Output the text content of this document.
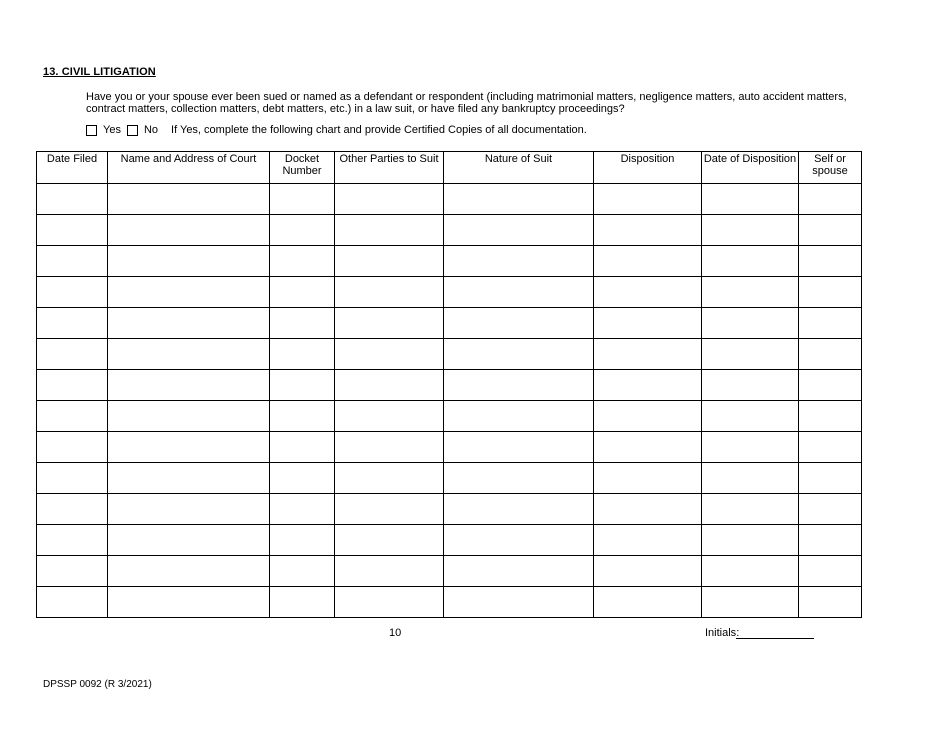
13. CIVIL LITIGATION
Have you or your spouse ever been sued or named as a defendant or respondent (including matrimonial matters, negligence matters, auto accident matters, contract matters, collection matters, debt matters, etc.) in a law suit, or have filed any bankruptcy proceedings?
Yes No If Yes, complete the following chart and provide Certified Copies of all documentation.
Date Filed	Name and Address of Court	Docket Number	Other Parties to Suit	Nature of Suit	Disposition	Date of Disposition	Self or spouse

10	Initials:
DPSSP 0092 (R 3/2021)
